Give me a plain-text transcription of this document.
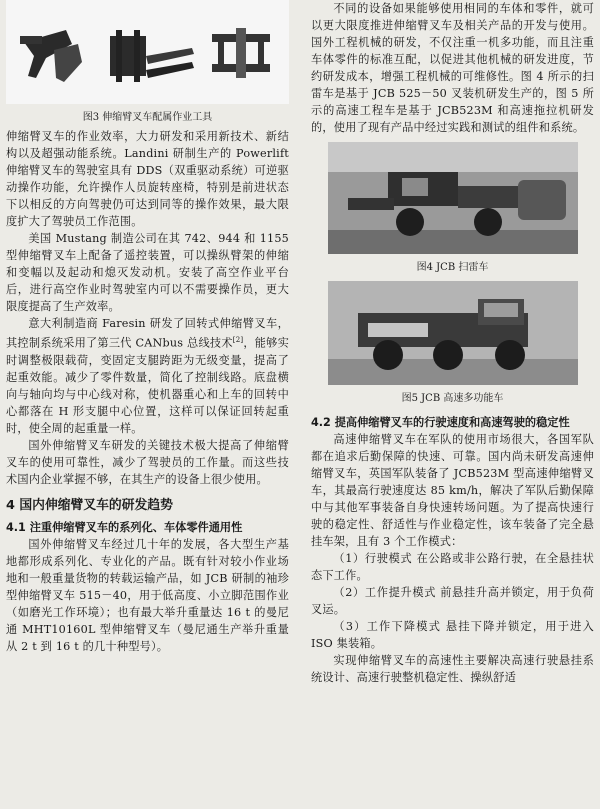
图3 伸缩臂叉车配属作业工具

伸缩臂叉车的作业效率，大力研发和采用新技术、新结构以及超强动能系统。Landini 研制生产的 Powerlift 伸缩臂叉车的驾驶室具有 DDS（双重驱动系统）可逆驱动操作功能，允许操作人员旋转座椅，特别是前进状态下以相反的方向驾驶仍可达到同等的操作效果，最大限度扩大了驾驶员工作范围。

美国 Mustang 制造公司在其 742、944 和 1155 型伸缩臂叉车上配备了遥控装置，可以操纵臂架的伸缩和变幅以及起动和熄灭发动机。安装了高空作业平台后，进行高空作业时驾驶室内可以不需要操作员，更大限度提高了生产效率。

意大利制造商 Faresin 研发了回转式伸缩臂叉车，其控制系统采用了第三代 CANbus 总线技术[2]，能够实时调整极限载荷，变固定支腿跨距为无级变量，提高了起重效能。减少了零件数量，简化了控制线路。底盘横向与轴向均与中心线对称，使机器重心和上车的回转中心都落在 H 形支腿中心位置，这样可以保证回转起重时，使全周的起重量一样。

国外伸缩臂叉车研发的关键技术极大提高了伸缩臂叉车的使用可靠性，减少了驾驶员的工作量。而这些技术国内企业掌握不够，在其生产的设备上很少使用。

4 国内伸缩臂叉车的研发趋势
4.1 注重伸缩臂叉车的系列化、车体零件通用性

国外伸缩臂叉车经过几十年的发展，各大型生产基地都形成系列化、专业化的产品。既有针对较小作业场地和一般重量货物的转载运输产品，如 JCB 研制的袖珍型伸缩臂叉车 515－40，用于低高度、小立脚范围作业（如磨光工作环境）；也有最大举升重量达 16 t 的曼尼通 MHT10160L 型伸缩臂叉车（曼尼通生产举升重量从 2 t 到 16 t 的几十种型号）。

不同的设备如果能够使用相同的车体和零件，就可以更大限度推进伸缩臂叉车及相关产品的开发与使用。国外工程机械的研发，不仅注重一机多功能，而且注重车体零件的标准互配，以促进其他机械的研发进度，节约研发成本，增强工程机械的可维修性。图 4 所示的扫雷车是基于 JCB 525－50 叉装机研发生产的，图 5 所示的高速工程车是基于 JCB523M 和高速拖拉机研发的，使用了现有产品中经过实践和测试的组件和系统。

图4 JCB 扫雷车
图5 JCB 高速多功能车
4.2 提高伸缩臂叉车的行驶速度和高速驾驶的稳定性

高速伸缩臂叉车在军队的使用市场很大，各国军队都在追求后勤保障的快速、可靠。国内尚未研发高速伸缩臂叉车，英国军队装备了 JCB523M 型高速伸缩臂叉车，其最高行驶速度达 85 km/h，解决了军队后勤保障中与其他军事装备自身快速转场问题。为了提高快速行驶的稳定性、舒适性与作业稳定性，该车装备了完全悬挂车架，且有 3 个工作模式：

（1）行驶模式 在公路或非公路行驶，在全悬挂状态下工作。

（2）工作提升模式 前悬挂升高并锁定，用于负荷叉运。

（3）工作下降模式 悬挂下降并锁定，用于进入 ISO 集装箱。

实现伸缩臂叉车的高速性主要解决高速行驶悬挂系统设计、高速行驶整机稳定性、操纵舒适
